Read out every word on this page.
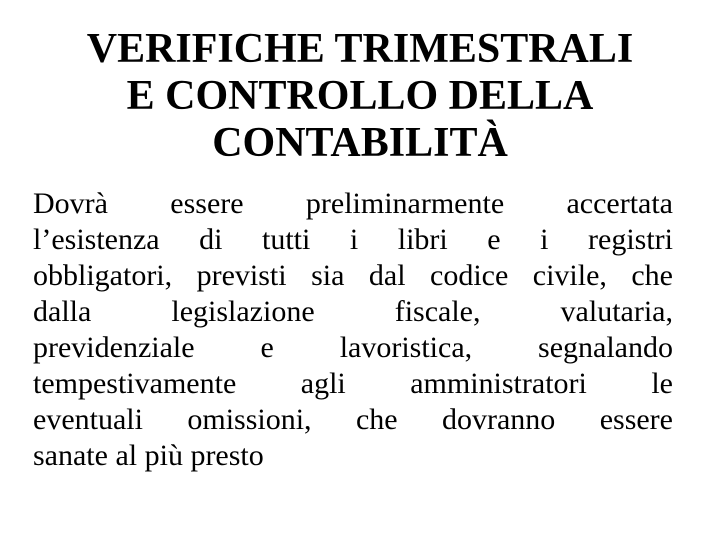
VERIFICHE TRIMESTRALI
E CONTROLLO DELLA
CONTABILITÀ
Dovrà essere preliminarmente accertata
l’esistenza di tutti i libri e i registri
obbligatori, previsti sia dal codice civile, che
dalla legislazione fiscale, valutaria,
previdenziale e lavoristica, segnalando
tempestivamente agli amministratori le
eventuali omissioni, che dovranno essere
sanate al più presto
